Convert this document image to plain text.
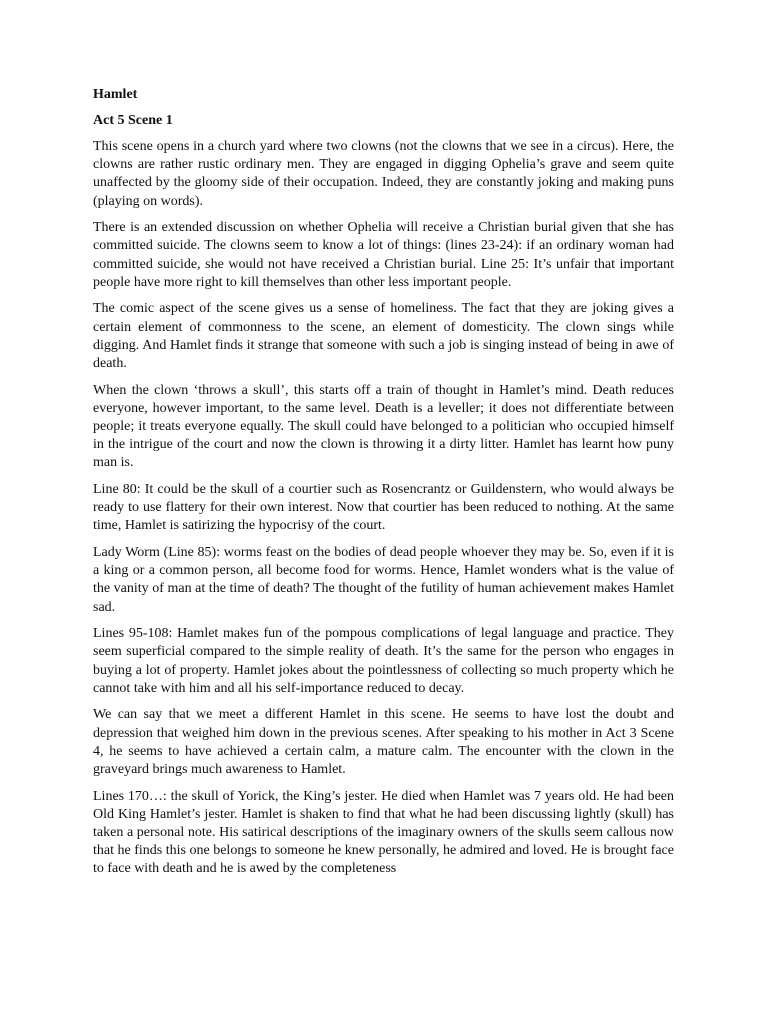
Hamlet
Act 5 Scene 1

This scene opens in a church yard where two clowns (not the clowns that we see in a circus). Here, the clowns are rather rustic ordinary men. They are engaged in digging Ophelia’s grave and seem quite unaffected by the gloomy side of their occupation. Indeed, they are constantly joking and making puns (playing on words).

There is an extended discussion on whether Ophelia will receive a Christian burial given that she has committed suicide. The clowns seem to know a lot of things: (lines 23-24): if an ordinary woman had committed suicide, she would not have received a Christian burial. Line 25: It’s unfair that important people have more right to kill themselves than other less important people.

The comic aspect of the scene gives us a sense of homeliness. The fact that they are joking gives a certain element of commonness to the scene, an element of domesticity. The clown sings while digging. And Hamlet finds it strange that someone with such a job is singing instead of being in awe of death.

When the clown ‘throws a skull’, this starts off a train of thought in Hamlet’s mind. Death reduces everyone, however important, to the same level. Death is a leveller; it does not differentiate between people; it treats everyone equally. The skull could have belonged to a politician who occupied himself in the intrigue of the court and now the clown is throwing it a dirty litter. Hamlet has learnt how puny man is.

Line 80: It could be the skull of a courtier such as Rosencrantz or Guildenstern, who would always be ready to use flattery for their own interest. Now that courtier has been reduced to nothing. At the same time, Hamlet is satirizing the hypocrisy of the court.

Lady Worm (Line 85): worms feast on the bodies of dead people whoever they may be. So, even if it is a king or a common person, all become food for worms. Hence, Hamlet wonders what is the value of the vanity of man at the time of death? The thought of the futility of human achievement makes Hamlet sad.

Lines 95-108: Hamlet makes fun of the pompous complications of legal language and practice. They seem superficial compared to the simple reality of death. It’s the same for the person who engages in buying a lot of property. Hamlet jokes about the pointlessness of collecting so much property which he cannot take with him and all his self-importance reduced to decay.

We can say that we meet a different Hamlet in this scene. He seems to have lost the doubt and depression that weighed him down in the previous scenes. After speaking to his mother in Act 3 Scene 4, he seems to have achieved a certain calm, a mature calm. The encounter with the clown in the graveyard brings much awareness to Hamlet.

Lines 170…: the skull of Yorick, the King’s jester. He died when Hamlet was 7 years old. He had been Old King Hamlet’s jester. Hamlet is shaken to find that what he had been discussing lightly (skull) has taken a personal note. His satirical descriptions of the imaginary owners of the skulls seem callous now that he finds this one belongs to someone he knew personally, he admired and loved. He is brought face to face with death and he is awed by the completeness
